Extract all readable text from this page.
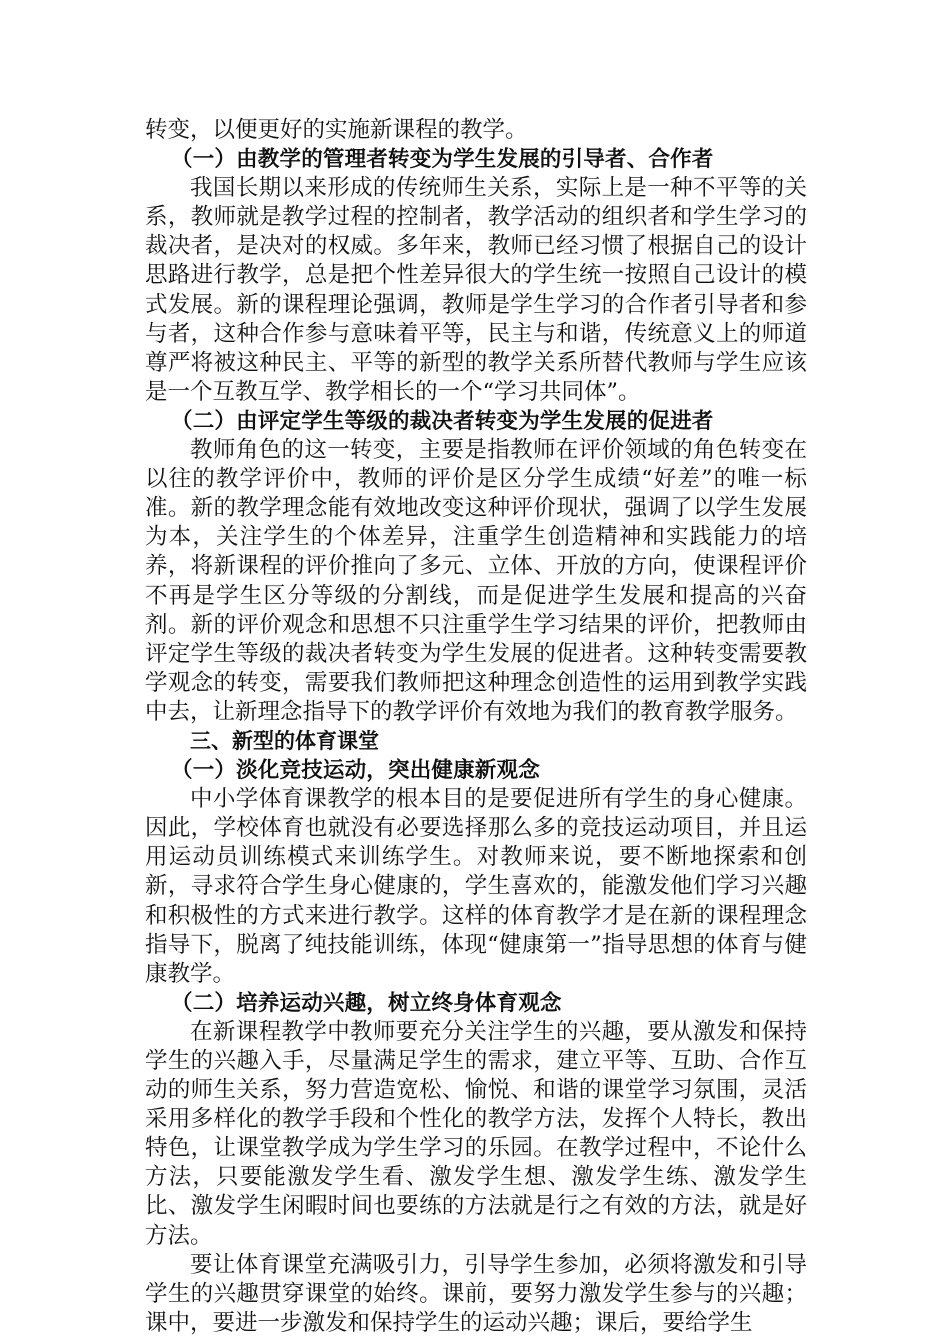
转变，以便更好的实施新课程的教学。

（一）由教学的管理者转变为学生发展的引导者、合作者

我国长期以来形成的传统师生关系，实际上是一种不平等的关系，教师就是教学过程的控制者，教学活动的组织者和学生学习的裁决者，是决对的权威。多年来，教师已经习惯了根据自己的设计思路进行教学，总是把个性差异很大的学生统一按照自己设计的模式发展。新的课程理论强调，教师是学生学习的合作者引导者和参与者，这种合作参与意味着平等，民主与和谐，传统意义上的师道尊严将被这种民主、平等的新型的教学关系所替代教师与学生应该是一个互教互学、教学相长的一个“学习共同体”。

（二）由评定学生等级的裁决者转变为学生发展的促进者

教师角色的这一转变，主要是指教师在评价领域的角色转变在以往的教学评价中，教师的评价是区分学生成绩“好差”的唯一标准。新的教学理念能有效地改变这种评价现状，强调了以学生发展为本，关注学生的个体差异，注重学生创造精神和实践能力的培养，将新课程的评价推向了多元、立体、开放的方向，使课程评价不再是学生区分等级的分割线，而是促进学生发展和提高的兴奋剂。新的评价观念和思想不只注重学生学习结果的评价，把教师由评定学生等级的裁决者转变为学生发展的促进者。这种转变需要教学观念的转变，需要我们教师把这种理念创造性的运用到教学实践中去，让新理念指导下的教学评价有效地为我们的教育教学服务。

三、新型的体育课堂

（一）淡化竞技运动，突出健康新观念

中小学体育课教学的根本目的是要促进所有学生的身心健康。因此，学校体育也就没有必要选择那么多的竞技运动项目，并且运用运动员训练模式来训练学生。对教师来说，要不断地探索和创新，寻求符合学生身心健康的，学生喜欢的，能激发他们学习兴趣和积极性的方式来进行教学。这样的体育教学才是在新的课程理念指导下，脱离了纯技能训练，体现“健康第一”指导思想的体育与健康教学。

（二）培养运动兴趣，树立终身体育观念

在新课程教学中教师要充分关注学生的兴趣，要从激发和保持学生的兴趣入手，尽量满足学生的需求，建立平等、互助、合作互动的师生关系，努力营造宽松、愉悦、和谐的课堂学习氛围，灵活采用多样化的教学手段和个性化的教学方法，发挥个人特长，教出特色，让课堂教学成为学生学习的乐园。在教学过程中，不论什么方法，只要能激发学生看、激发学生想、激发学生练、激发学生比、激发学生闲暇时间也要练的方法就是行之有效的方法，就是好方法。

要让体育课堂充满吸引力，引导学生参加，必须将激发和引导学生的兴趣贯穿课堂的始终。课前，要努力激发学生参与的兴趣；课中，要进一步激发和保持学生的运动兴趣；课后，要给学生
